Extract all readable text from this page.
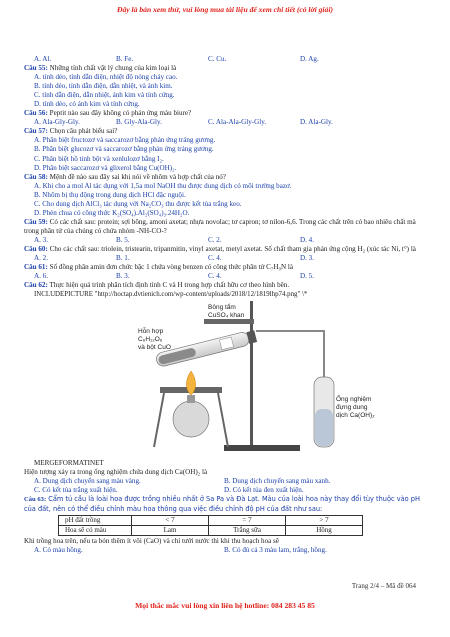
Đây là bản xem thử, vui lòng mua tài liệu để xem chi tiết (có lời giải)
A. Al.	B. Fe.	C. Cu.	D. Ag.
Câu 55: Những tính chất vật lý chung của kim loại là
A. tính dẻo, tính dẫn điện, nhiệt độ nóng chảy cao.
B. tính dẻo, tính dẫn điện, dẫn nhiệt, và ánh kim.
C. tính dẫn điện, dẫn nhiệt, ánh kim và tính cứng.
D. tính dẻo, có ánh kim và tính cứng.
Câu 56: Peptit nào sau đây không có phản ứng màu biure?
A. Ala-Gly-Gly.	B. Gly-Ala-Gly.	C. Ala-Ala-Gly-Gly.	D. Ala-Gly.
Câu 57: Chọn câu phát biểu sai?
A. Phân biệt fructozơ và saccarozơ bằng phản ứng tráng gương.
B. Phân biệt glucozơ và saccarozơ bằng phản ứng tráng gương.
C. Phân biệt hồ tinh bột và xenlulozơ bằng I₂.
D. Phân biệt saccarozơ và glixerol bằng Cu(OH)₂.
Câu 58: Mệnh đề nào sau đây sai khi nói về nhôm và hợp chất của nó?
A. Khi cho a mol Al tác dụng với 1,5a mol NaOH thu được dung dịch có môi trường bazơ.
B. Nhôm bị thụ động trong dung dịch HCl đặc nguội.
C. Cho dung dịch AlCl₃ tác dụng với Na₂CO₃ thu được kết tủa trắng keo.
D. Phèn chua có công thức K₂(SO₄).Al₂(SO₄)₃.24H₂O.
Câu 59: Có các chất sau: protein; sợi bông, amoni axetat; nhựa novolac; tơ capron; tơ nilon-6,6. Trong các chất trên có bao nhiêu chất mà trong phân tử của chúng có chứa nhóm -NH-CO-?
A. 3.	B. 5.	C. 2.	D. 4.
Câu 60: Cho các chất sau: triolein, tristearin, tripanmitin, vinyl axetat, metyl axetat. Số chất tham gia phản ứng cộng H₂ (xúc tác Ni, t°) là
A. 2.	B. 1.	C. 4.	D. 3.
Câu 61: Số đồng phân amin đơn chức bậc 1 chứa vòng benzen có công thức phân tử C₇H₉N là
A. 6.	B. 3.	C. 4.	D. 5.
Câu 62: Thực hiện quá trình phân tích định tính C và H trong hợp chất hữu cơ theo hình bên.
INCLUDEPICTURE "http://hoctap.dvtienich.com/wp-content/uploads/2018/12/1819lhp74.png" \*
Bông tẩm
CuSO₄ khan
Hỗn hợp
C₆H₁₂O₆
và bột CuO
Ống nghiệm
đựng dung
dịch Ca(OH)₂
MERGEFORMATINET
Hiện tượng xảy ra trong ống nghiệm chứa dung dịch Ca(OH)₂ là
A. Dung dịch chuyển sang màu vàng.	B. Dung dịch chuyển sang màu xanh.
C. Có kết tủa trắng xuất hiện.	D. Có kết tủa đen xuất hiện.
Câu 63: Cẩm tú cầu là loài hoa được trồng nhiều nhất ở Sa Pa và Đà Lạt. Màu của loài hoa này thay đổi tùy thuộc vào pH của đất, nên có thể điều chỉnh màu hoa thông qua việc điều chỉnh độ pH của đất như sau:
pH đất trồng	< 7	= 7	> 7
Hoa sẽ có màu	Lam	Trắng sữa	Hồng
Khi trồng hoa trên, nếu ta bón thêm ít vôi (CaO) và chỉ tưới nước thì khi thu hoạch hoa sẽ
A. Có màu hồng.	B. Có đủ cả 3 màu lam, trắng, hồng.
Trang 2/4 – Mã đề 064
Mọi thắc mắc vui lòng xin liên hệ hotline: 084 283 45 85
